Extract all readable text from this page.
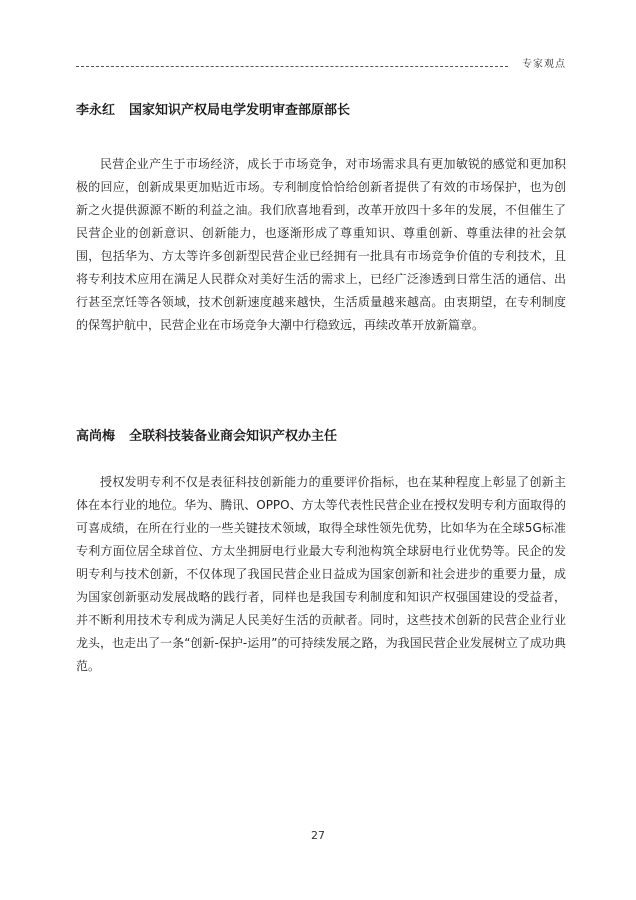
专家观点
李永红 国家知识产权局电学发明审查部原部长

民营企业产生于市场经济，成长于市场竞争，对市场需求具有更加敏锐的感觉和更加积极的回应，创新成果更加贴近市场。专利制度恰恰给创新者提供了有效的市场保护，也为创新之火提供源源不断的利益之油。我们欣喜地看到，改革开放四十多年的发展，不但催生了民营企业的创新意识、创新能力，也逐渐形成了尊重知识、尊重创新、尊重法律的社会氛围，包括华为、方太等许多创新型民营企业已经拥有一批具有市场竞争价值的专利技术，且将专利技术应用在满足人民群众对美好生活的需求上，已经广泛渗透到日常生活的通信、出行甚至烹饪等各领域，技术创新速度越来越快，生活质量越来越高。由衷期望，在专利制度的保驾护航中，民营企业在市场竞争大潮中行稳致远，再续改革开放新篇章。

高尚梅 全联科技装备业商会知识产权办主任

授权发明专利不仅是表征科技创新能力的重要评价指标，也在某种程度上彰显了创新主体在本行业的地位。华为、腾讯、OPPO、方太等代表性民营企业在授权发明专利方面取得的可喜成绩，在所在行业的一些关键技术领域，取得全球性领先优势，比如华为在全球5G标准专利方面位居全球首位、方太坐拥厨电行业最大专利池构筑全球厨电行业优势等。民企的发明专利与技术创新，不仅体现了我国民营企业日益成为国家创新和社会进步的重要力量，成为国家创新驱动发展战略的践行者，同样也是我国专利制度和知识产权强国建设的受益者，并不断利用技术专利成为满足人民美好生活的贡献者。同时，这些技术创新的民营企业行业龙头，也走出了一条“创新-保护-运用”的可持续发展之路，为我国民营企业发展树立了成功典范。

27
